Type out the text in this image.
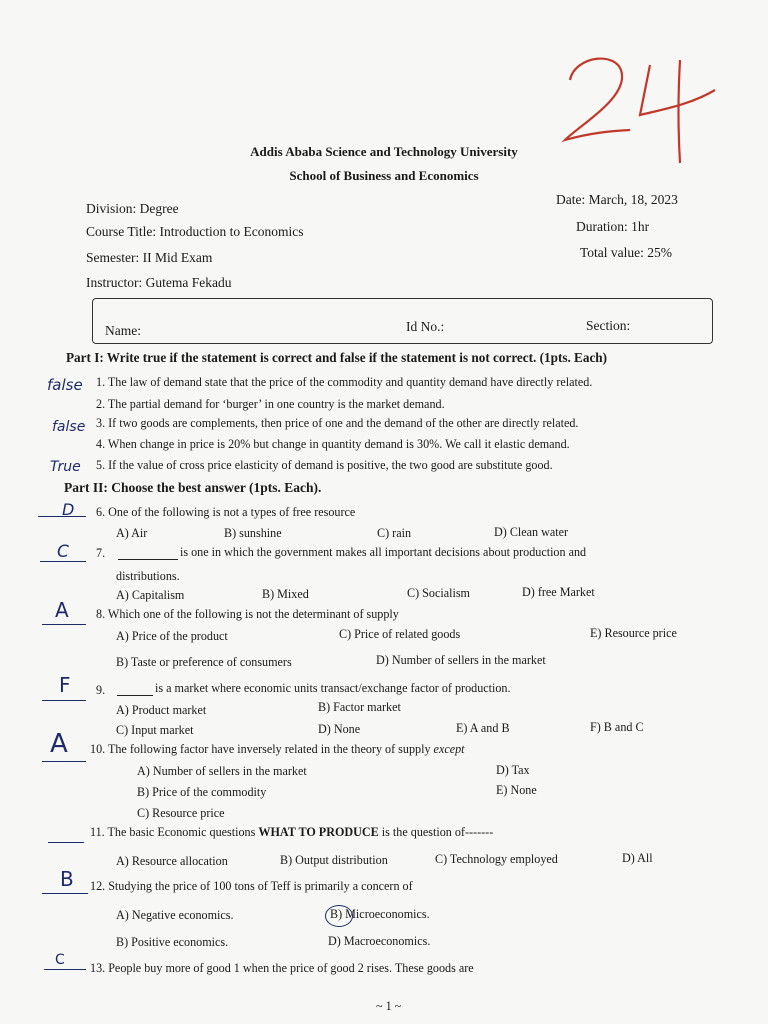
Addis Ababa Science and Technology University
School of Business and Economics
Division: Degree
Course Title: Introduction to Economics
Semester: II Mid Exam
Instructor: Gutema Fekadu
Date: March, 18, 2023
Duration: 1hr
Total value: 25%
Name:	Id No.:	Section:
Part I: Write true if the statement is correct and false if the statement is not correct. (1pts. Each)
false 1. The law of demand state that the price of the commodity and quantity demand have directly related.
2. The partial demand for ‘burger’ in one country is the market demand.
false 3. If two goods are complements, then price of one and the demand of the other are directly related.
4. When change in price is 20% but change in quantity demand is 30%. We call it elastic demand.
True 5. If the value of cross price elasticity of demand is positive, the two good are substitute good.
Part II: Choose the best answer (1pts. Each).
D 6. One of the following is not a types of free resource
A) Air	B) sunshine	C) rain	D) Clean water
C 7.	is one in which the government makes all important decisions about production and
distributions.
A) Capitalism	B) Mixed	C) Socialism	D) free Market
A 8. Which one of the following is not the determinant of supply
A) Price of the product	C) Price of related goods	E) Resource price
B) Taste or preference of consumers	D) Number of sellers in the market
F 9.	is a market where economic units transact/exchange factor of production.
A) Product market	B) Factor market
C) Input market	D) None	E) A and B	F) B and C
A 10. The following factor have inversely related in the theory of supply except
A) Number of sellers in the market	D) Tax
B) Price of the commodity	E) None
C) Resource price
11. The basic Economic questions WHAT TO PRODUCE is the question of-------
A) Resource allocation	B) Output distribution	C) Technology employed	D) All
B 12. Studying the price of 100 tons of Teff is primarily a concern of
A) Negative economics.	B) Microeconomics.
B) Positive economics.	D) Macroeconomics.
C 13. People buy more of good 1 when the price of good 2 rises. These goods are
~ 1 ~
